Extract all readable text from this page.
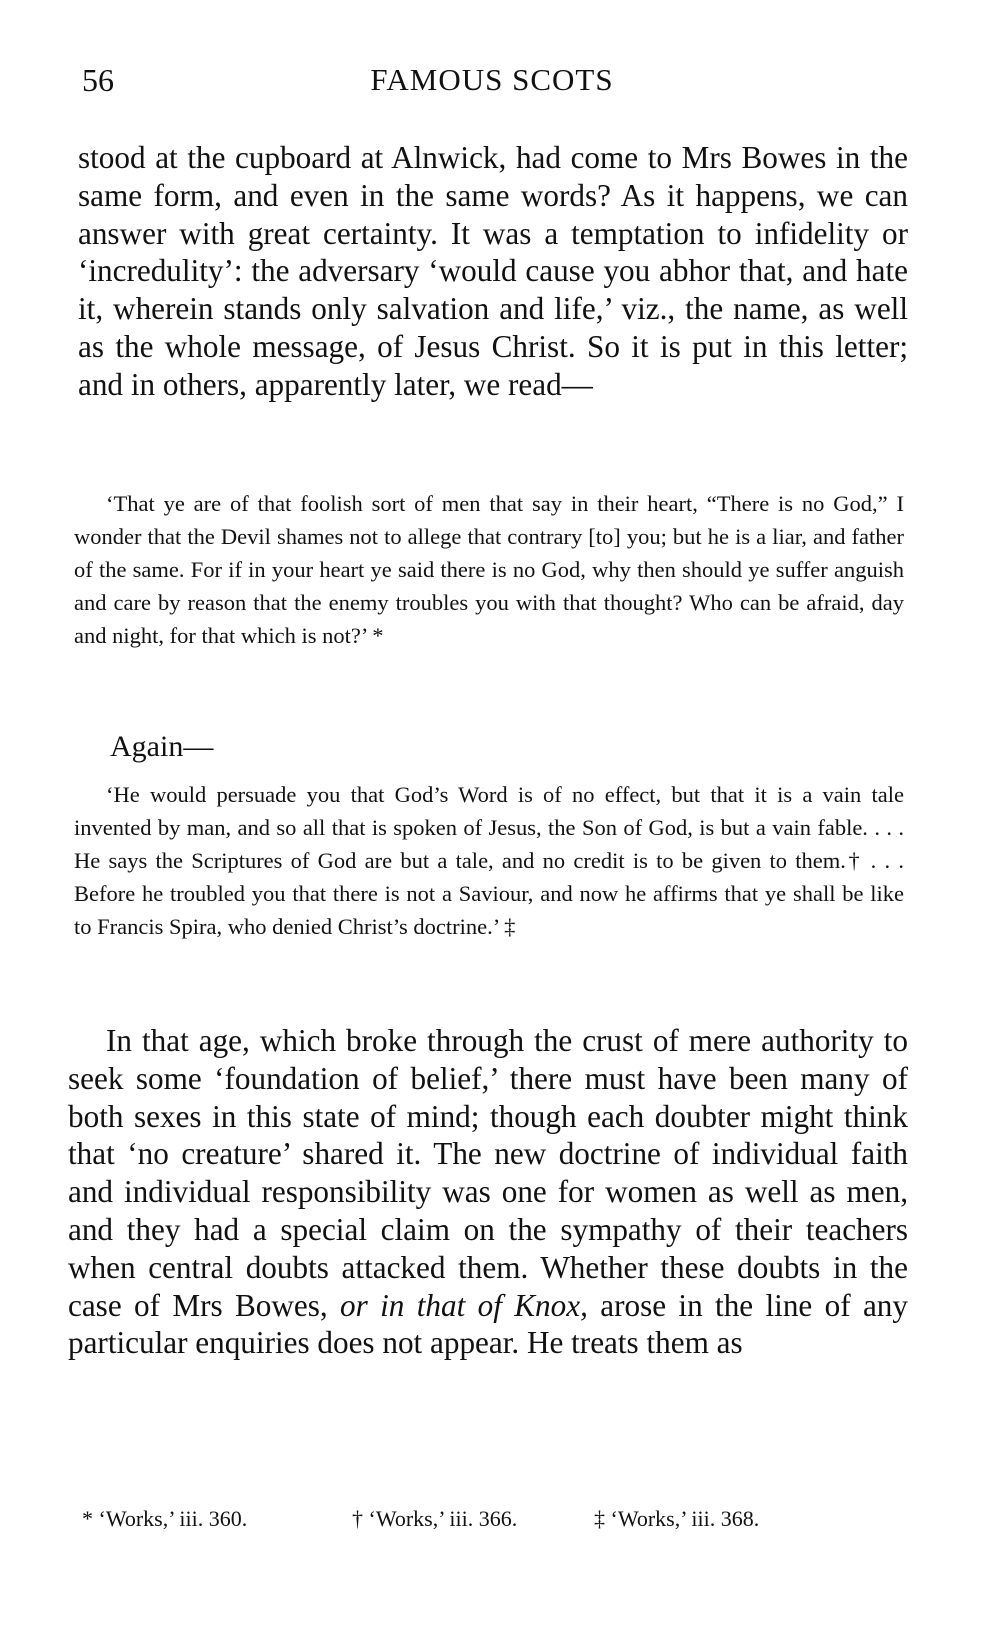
56	FAMOUS SCOTS

stood at the cupboard at Alnwick, had come to Mrs Bowes in the same form, and even in the same words? As it happens, we can answer with great certainty. It was a temptation to infidelity or ‘incredulity’: the adversary ‘would cause you abhor that, and hate it, wherein stands only salvation and life,’ viz., the name, as well as the whole message, of Jesus Christ. So it is put in this letter; and in others, apparently later, we read—

‘That ye are of that foolish sort of men that say in their heart, “There is no God,” I wonder that the Devil shames not to allege that contrary [to] you; but he is a liar, and father of the same. For if in your heart ye said there is no God, why then should ye suffer anguish and care by reason that the enemy troubles you with that thought? Who can be afraid, day and night, for that which is not?’ *

Again—

‘He would persuade you that God’s Word is of no effect, but that it is a vain tale invented by man, and so all that is spoken of Jesus, the Son of God, is but a vain fable. . . . He says the Scriptures of God are but a tale, and no credit is to be given to them.† . . . Before he troubled you that there is not a Saviour, and now he affirms that ye shall be like to Francis Spira, who denied Christ’s doctrine.’ ‡

In that age, which broke through the crust of mere authority to seek some ‘foundation of belief,’ there must have been many of both sexes in this state of mind; though each doubter might think that ‘no creature’ shared it. The new doctrine of individual faith and individual responsibility was one for women as well as men, and they had a special claim on the sympathy of their teachers when central doubts attacked them. Whether these doubts in the case of Mrs Bowes, or in that of Knox, arose in the line of any particular enquiries does not appear. He treats them as

* ‘Works,’ iii. 360.	† ‘Works,’ iii. 366.	‡ ‘Works,’ iii. 368.
